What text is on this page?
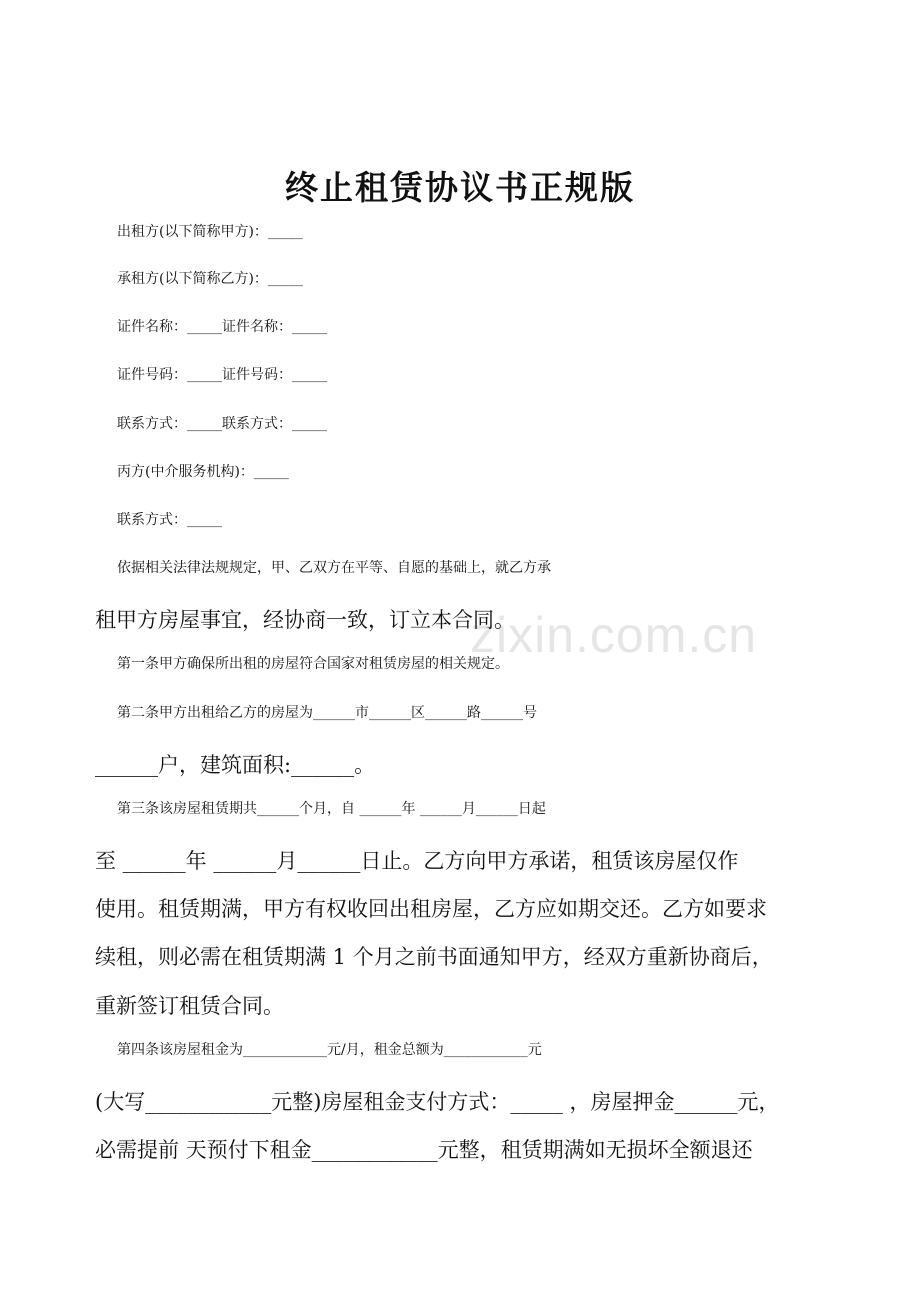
终止租赁协议书正规版
出租方(以下简称甲方)：_____
承租方(以下简称乙方)：_____
证件名称：_____证件名称：_____
证件号码：_____证件号码：_____
联系方式：_____联系方式：_____
丙方(中介服务机构)：_____
联系方式：_____
依据相关法律法规规定，甲、乙双方在平等、自愿的基础上，就乙方承
租甲方房屋事宜，经协商一致，订立本合同。
第一条甲方确保所出租的房屋符合国家对租赁房屋的相关规定。
第二条甲方出租给乙方的房屋为______市______区______路______号
______户，建筑面积:______。
第三条该房屋租赁期共______个月，自 ______年 ______月______日起
至 ______年 ______月______日止。乙方向甲方承诺，租赁该房屋仅作
使用。租赁期满，甲方有权收回出租房屋，乙方应如期交还。乙方如要求
续租，则必需在租赁期满 1 个月之前书面通知甲方，经双方重新协商后，
重新签订租赁合同。
第四条该房屋租金为____________元/月，租金总额为____________元
(大写____________元整)房屋租金支付方式：_____ ，房屋押金______元，
必需提前 天预付下租金____________元整，租赁期满如无损坏全额退还
zixin.com.cn
